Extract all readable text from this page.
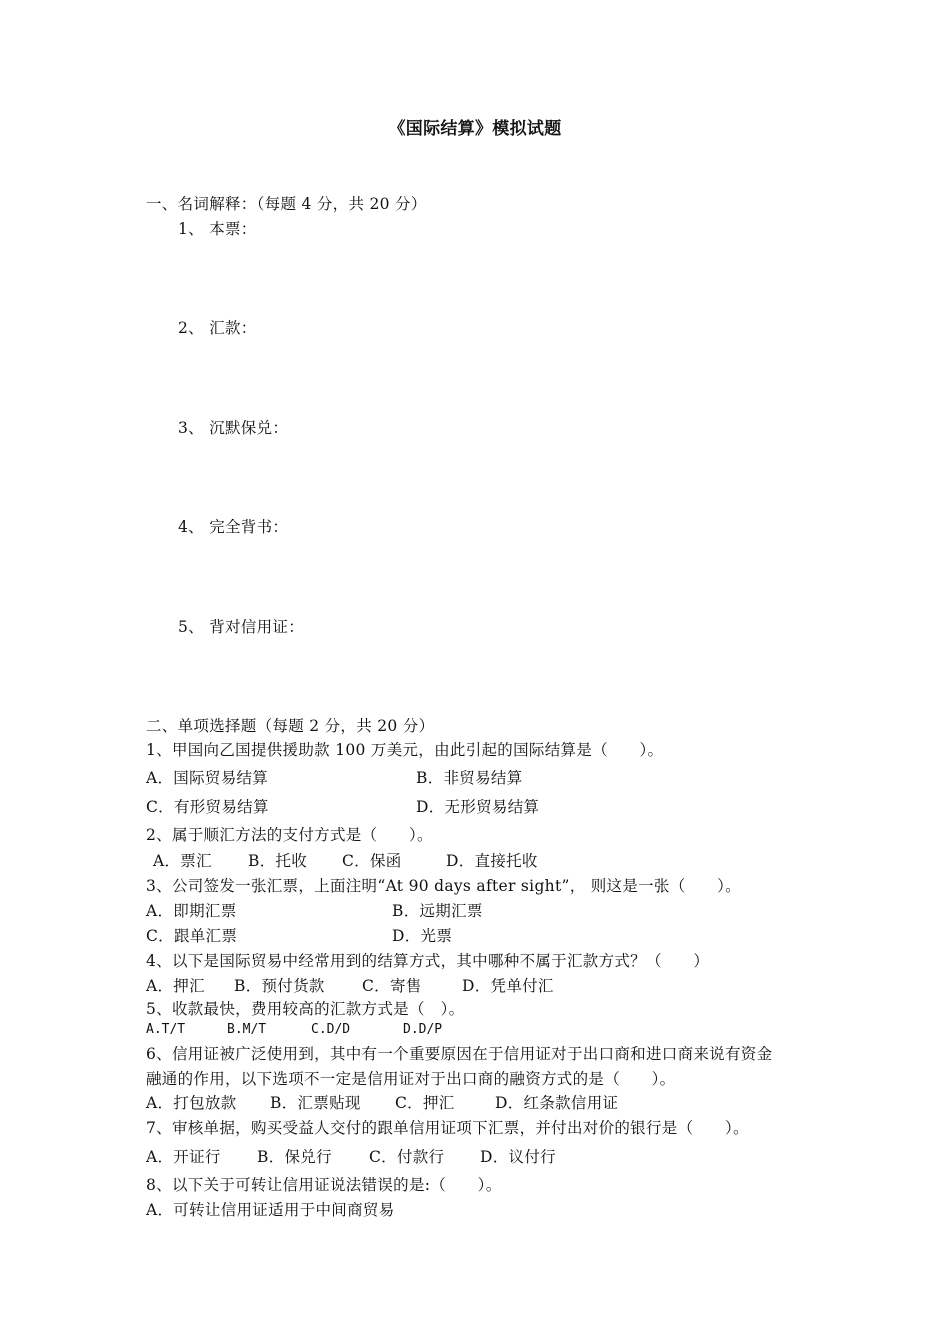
《国际结算》模拟试题
一、名词解释：（每题 4 分，共 20 分）
1、 本票：
2、 汇款：
3、 沉默保兑：
4、 完全背书：
5、 背对信用证：
二、单项选择题（每题 2 分，共 20 分）
1、甲国向乙国提供援助款 100 万美元，由此引起的国际结算是（　　）。
A．国际贸易结算	B．非贸易结算
C．有形贸易结算	D．无形贸易结算
2、属于顺汇方法的支付方式是（　　）。
A．票汇 B．托收 C．保函	D．直接托收
3、公司签发一张汇票，上面注明“At 90 days after sight”， 则这是一张（　　）。
A．即期汇票	B．远期汇票
C．跟单汇票	D．光票
4、以下是国际贸易中经常用到的结算方式，其中哪种不属于汇款方式？（　　）
A．押汇 B．预付货款 C．寄售	D．凭单付汇
5、收款最快，费用较高的汇款方式是（　）。
A.T/T	B.M/T	C.D/D	D.D/P
6、信用证被广泛使用到，其中有一个重要原因在于信用证对于出口商和进口商来说有资金
融通的作用，以下选项不一定是信用证对于出口商的融资方式的是（　　）。
A．打包放款 B．汇票贴现 C．押汇	D．红条款信用证
7、审核单据，购买受益人交付的跟单信用证项下汇票，并付出对价的银行是（　　）。
A．开证行 B．保兑行 C．付款行 D．议付行
8、以下关于可转让信用证说法错误的是:（　　）。
A．可转让信用证适用于中间商贸易
